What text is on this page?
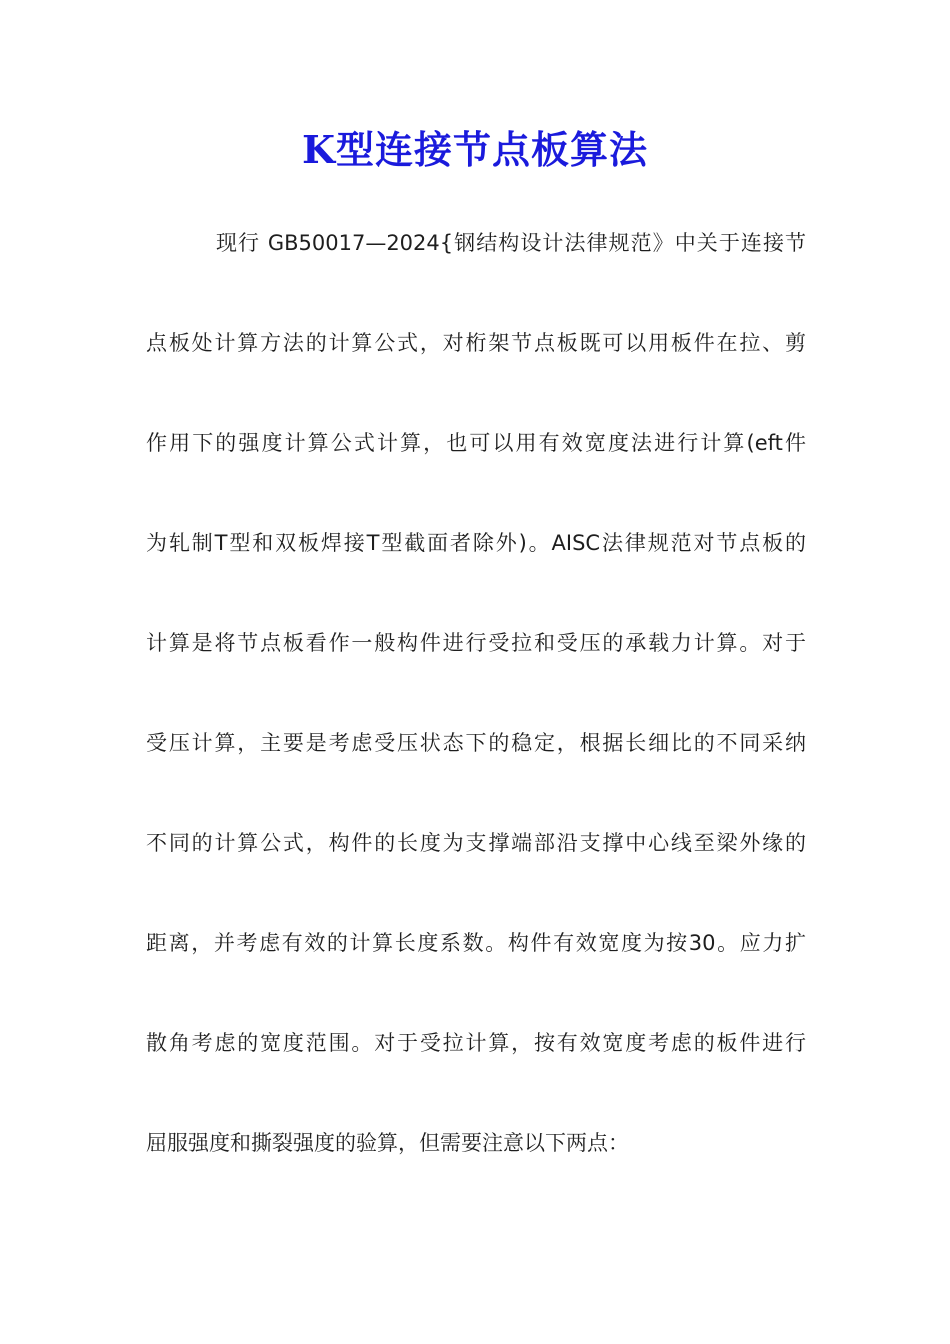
K型连接节点板算法
现行 GB50017—2024{钢结构设计法律规范》中关于连接节
点板处计算方法的计算公式，对桁架节点板既可以用板件在拉、剪
作用下的强度计算公式计算，也可以用有效宽度法进行计算(eft件
为轧制T型和双板焊接T型截面者除外)。AISC法律规范对节点板的
计算是将节点板看作一般构件进行受拉和受压的承载力计算。对于
受压计算，主要是考虑受压状态下的稳定，根据长细比的不同采纳
不同的计算公式，构件的长度为支撑端部沿支撑中心线至梁外缘的
距离，并考虑有效的计算长度系数。构件有效宽度为按30。应力扩
散角考虑的宽度范围。对于受拉计算，按有效宽度考虑的板件进行
屈服强度和撕裂强度的验算，但需要注意以下两点：
